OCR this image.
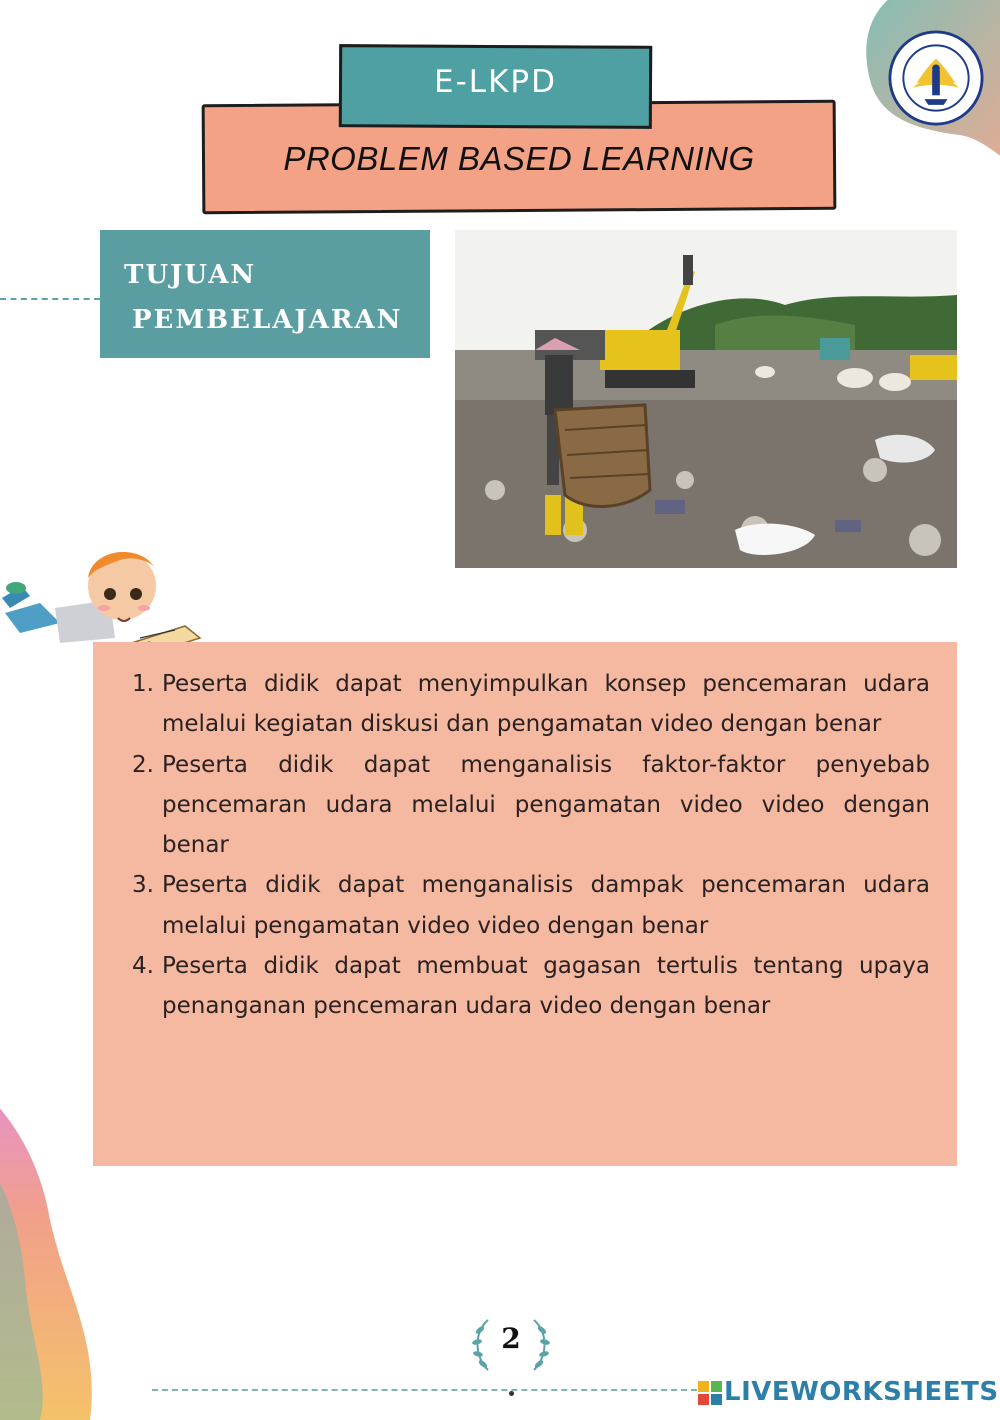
PROBLEM BASED LEARNING
E-LKPD
TUJUAN
PEMBELAJARAN
1. Peserta didik dapat menyimpulkan konsep pencemaran udara melalui kegiatan diskusi dan pengamatan video dengan benar
2. Peserta didik dapat menganalisis faktor-faktor penyebab pencemaran udara melalui pengamatan video video dengan benar
3. Peserta didik dapat menganalisis dampak pencemaran udara melalui pengamatan video video dengan benar
4. Peserta didik dapat membuat gagasan tertulis tentang upaya penanganan pencemaran udara video dengan benar
2
LIVEWORKSHEETS
